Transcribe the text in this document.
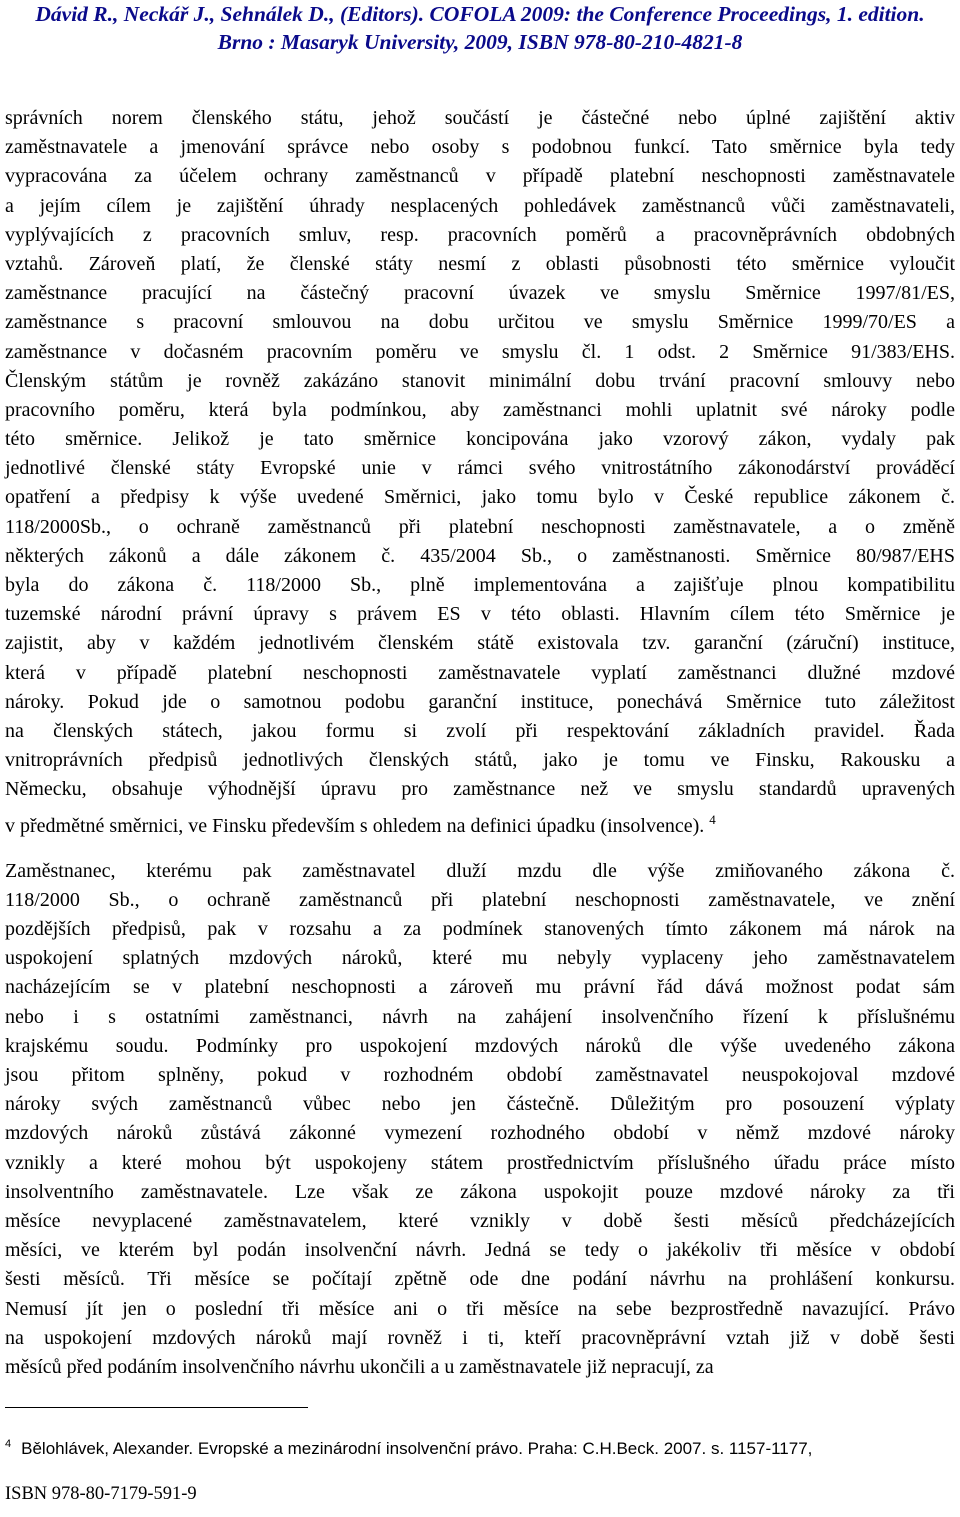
Dávid R., Neckář J., Sehnálek D., (Editors). COFOLA 2009: the Conference Proceedings, 1. edition.
Brno : Masaryk University, 2009, ISBN 978-80-210-4821-8
správních norem členského státu, jehož součástí je částečné nebo úplné zajištění aktiv
zaměstnavatele a jmenování správce nebo osoby s podobnou funkcí. Tato směrnice byla tedy
vypracována za účelem ochrany zaměstnanců v případě platební neschopnosti zaměstnavatele
a jejím cílem je zajištění úhrady nesplacených pohledávek zaměstnanců vůči zaměstnavateli,
vyplývajících z pracovních smluv, resp. pracovních poměrů a pracovněprávních obdobných
vztahů. Zároveň platí, že členské státy nesmí z oblasti působnosti této směrnice vyloučit
zaměstnance pracující na částečný pracovní úvazek ve smyslu Směrnice 1997/81/ES,
zaměstnance s pracovní smlouvou na dobu určitou ve smyslu Směrnice 1999/70/ES a
zaměstnance v dočasném pracovním poměru ve smyslu čl. 1 odst. 2 Směrnice 91/383/EHS.
Členským státům je rovněž zakázáno stanovit minimální dobu trvání pracovní smlouvy nebo
pracovního poměru, která byla podmínkou, aby zaměstnanci mohli uplatnit své nároky podle
této směrnice. Jelikož je tato směrnice koncipována jako vzorový zákon, vydaly pak
jednotlivé členské státy Evropské unie v rámci svého vnitrostátního zákonodárství prováděcí
opatření a předpisy k výše uvedené Směrnici, jako tomu bylo v České republice zákonem č.
118/2000Sb., o ochraně zaměstnanců při platební neschopnosti zaměstnavatele, a o změně
některých zákonů a dále zákonem č. 435/2004 Sb., o zaměstnanosti. Směrnice 80/987/EHS
byla do zákona č. 118/2000 Sb., plně implementována a zajišťuje plnou kompatibilitu
tuzemské národní právní úpravy s právem ES v této oblasti. Hlavním cílem této Směrnice je
zajistit, aby v každém jednotlivém členském státě existovala tzv. garanční (záruční) instituce,
která v případě platební neschopnosti zaměstnavatele vyplatí zaměstnanci dlužné mzdové
nároky. Pokud jde o samotnou podobu garanční instituce, ponechává Směrnice tuto záležitost
na členských státech, jakou formu si zvolí při respektování základních pravidel. Řada
vnitroprávních předpisů jednotlivých členských států, jako je tomu ve Finsku, Rakousku a
Německu, obsahuje výhodnější úpravu pro zaměstnance než ve smyslu standardů upravených
v předmětné směrnici, ve Finsku především s ohledem na definici úpadku (insolvence). $^4$
Zaměstnanec, kterému pak zaměstnavatel dluží mzdu dle výše zmiňovaného zákona č.
118/2000 Sb., o ochraně zaměstnanců při platební neschopnosti zaměstnavatele, ve znění
pozdějších předpisů, pak v rozsahu a za podmínek stanovených tímto zákonem má nárok na
uspokojení splatných mzdových nároků, které mu nebyly vyplaceny jeho zaměstnavatelem
nacházejícím se v platební neschopnosti a zároveň mu právní řád dává možnost podat sám
nebo i s ostatními zaměstnanci, návrh na zahájení insolvenčního řízení k příslušnému
krajskému soudu. Podmínky pro uspokojení mzdových nároků dle výše uvedeného zákona
jsou přitom splněny, pokud v rozhodném období zaměstnavatel neuspokojoval mzdové
nároky svých zaměstnanců vůbec nebo jen částečně. Důležitým pro posouzení výplaty
mzdových nároků zůstává zákonné vymezení rozhodného období v němž mzdové nároky
vznikly a které mohou být uspokojeny státem prostřednictvím příslušného úřadu práce místo
insolventního zaměstnavatele. Lze však ze zákona uspokojit pouze mzdové nároky za tři
měsíce nevyplacené zaměstnavatelem, které vznikly v době šesti měsíců předcházejících
měsíci, ve kterém byl podán insolvenční návrh. Jedná se tedy o jakékoliv tři měsíce v období
šesti měsíců. Tři měsíce se počítají zpětně ode dne podání návrhu na prohlášení konkursu.
Nemusí jít jen o poslední tři měsíce ani o tři měsíce na sebe bezprostředně navazující. Právo
na uspokojení mzdových nároků mají rovněž i ti, kteří pracovněprávní vztah již v době šesti
měsíců před podáním insolvenčního návrhu ukončili a u zaměstnavatele již nepracují, za
$^4$ Bělohlávek, Alexander. Evropské a mezinárodní insolvenční právo. Praha: C.H.Beck. 2007. s. 1157-1177,
ISBN 978-80-7179-591-9
